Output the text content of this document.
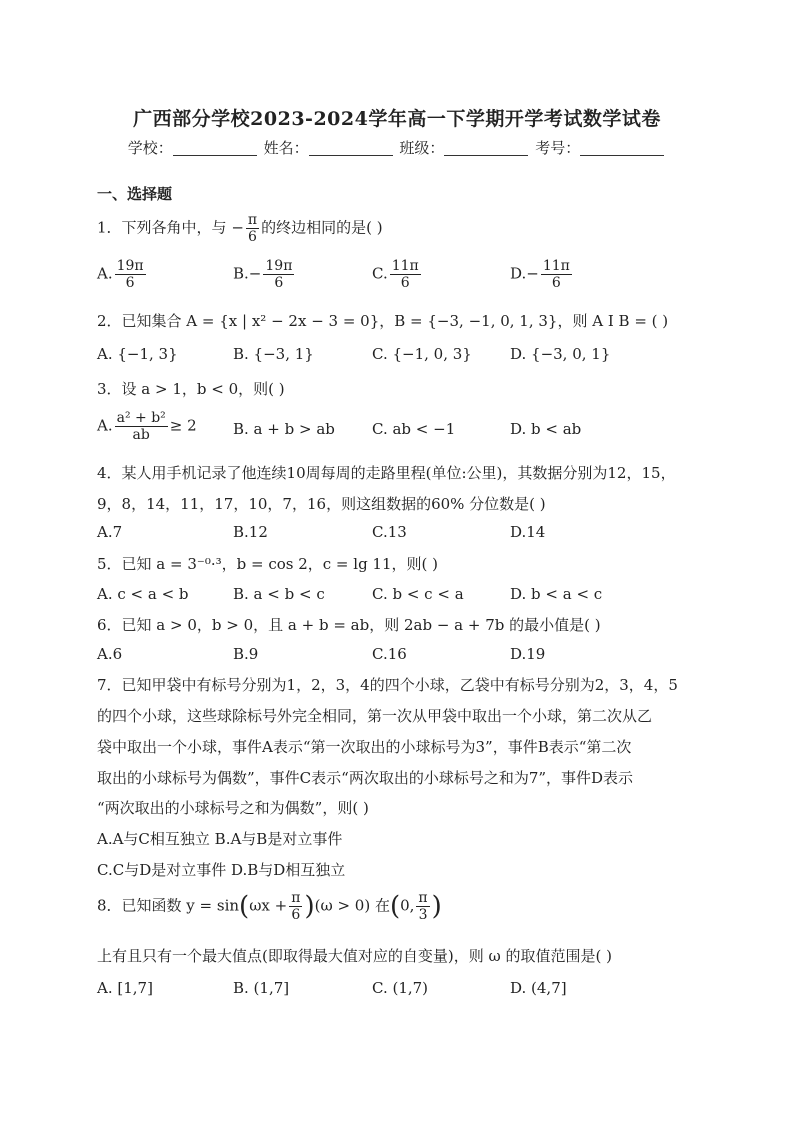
广西部分学校2023-2024学年高一下学期开学考试数学试卷
学校：	姓名：	班级：	考号：
一、选择题
1．下列各角中，与 − $\frac{\pi}{6}$ 的终边相同的是( )
A. $\frac{19\pi}{6}$	$B.- \frac{19\pi}{6}$	C. $\frac{11\pi}{6}$	$D.- \frac{11\pi}{6}$
2．已知集合 A = {x | x² − 2x − 3 = 0}，B = {−3, −1, 0, 1, 3}，则 A I B = ( )
A. {−1, 3}	B. {−3, 1}	C. {−1, 0, 3}	D. {−3, 0, 1}
3．设 a > 1，b < 0，则( )
A. $\frac{\text{a² + b²}}{ab} \ge 2$ B. a + b > ab C. ab < −1	D. b < ab
4．某人用手机记录了他连续10周每周的走路里程(单位:公里)，其数据分别为12，15，
9，8，14，11，17，10，7，16，则这组数据的60% 分位数是( )
A.7	B.12	C.13	D.14
5．已知 a = 3⁻⁰·³，b = cos 2，c = lg 11，则( )
A. c < a < b	B. a < b < c	C. b < c < a	D. b < a < c
6．已知 a > 0，b > 0，且 a + b = ab，则 2ab − a + 7b 的最小值是( )
A.6	B.9	C.16	D.19
7．已知甲袋中有标号分别为1，2，3，4的四个小球，乙袋中有标号分别为2，3，4，5
的四个小球，这些球除标号外完全相同，第一次从甲袋中取出一个小球，第二次从乙
袋中取出一个小球，事件A表示“第一次取出的小球标号为3”，事件B表示“第二次
取出的小球标号为偶数”，事件C表示“两次取出的小球标号之和为7”，事件D表示
“两次取出的小球标号之和为偶数”，则( )
A.A与C相互独立 B.A与B是对立事件
C.C与D是对立事件 D.B与D相互独立
8．已知函数 $y = \sin(\omega x + \frac{\pi}{6} )(\omega > 0)$ 在(0, $\frac{\pi}{3}$ )
上有且只有一个最大值点(即取得最大值对应的自变量)，则 ω 的取值范围是( )
A. [1,7]	B. (1,7]	C. (1,7)	D. (4,7]
